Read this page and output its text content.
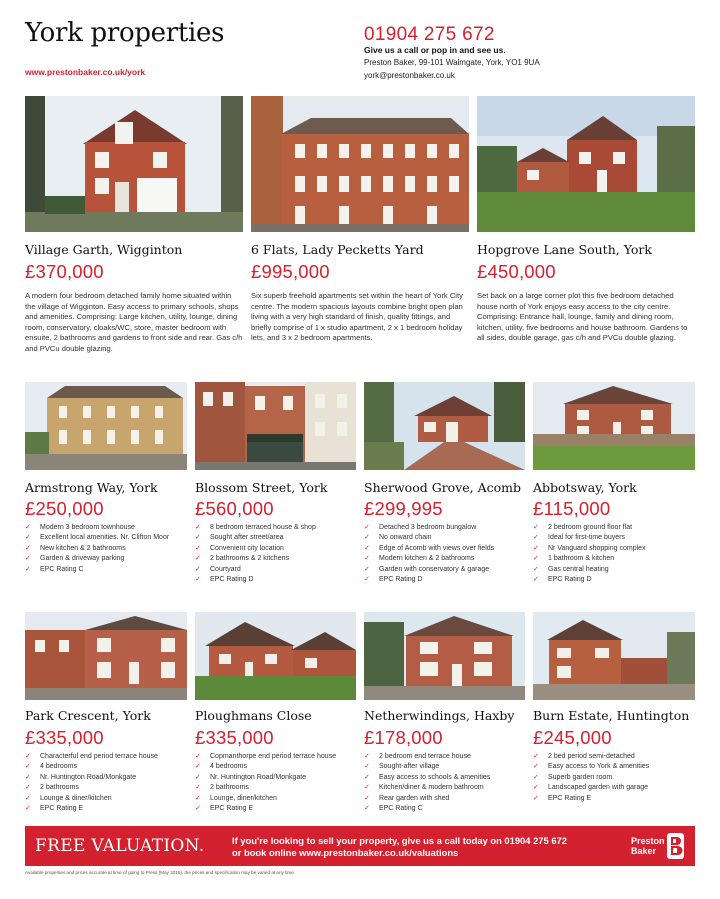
York properties
www.prestonbaker.co.uk/york
01904 275 672
Give us a call or pop in and see us.
Preston Baker, 99-101 Walmgate, York, YO1 9UA
york@prestonbaker.co.uk
Village Garth, Wigginton
£370,000
A modern four bedroom detached family home situated within the village of Wigginton. Easy access to primary schools, shops and amenities. Comprising: Large kitchen, utility, lounge, dining room, conservatory, cloaks/WC, store, master bedroom with ensuite, 2 bathrooms and gardens to front side and rear. Gas c/h and PVCu double glazing.
6 Flats, Lady Pecketts Yard
£995,000
Six superb freehold apartments set within the heart of York City centre. The modern spacious layouts combine bright open plan living with a very high standard of finish, quality fittings, and briefly comprise of 1 x studio apartment, 2 x 1 bedroom holiday lets, and 3 x 2 bedroom apartments.
Hopgrove Lane South, York
£450,000
Set back on a large corner plot this five bedroom detached house north of York enjoys easy access to the city centre. Comprising: Entrance hall, lounge, family and dining room, kitchen, utility, five bedrooms and house bathroom. Gardens to all sides, double garage, gas c/h and PVCu double glazing.
Armstrong Way, York
£250,000
✓ Modern 3 bedroom townhouse
✓ Excellent local amenities. Nr. Clifton Moor
✓ New kitchen & 2 bathrooms
✓ Garden & driveway parking
✓ EPC Rating C
Blossom Street, York
£560,000
✓ 8 bedroom terraced house & shop
✓ Sought after street/area
✓ Convenient city location
✓ 2 bathrooms & 2 kitchens
✓ Courtyard
✓ EPC Rating D
Sherwood Grove, Acomb
£299,995
✓ Detached 3 bedroom bungalow
✓ No onward chain
✓ Edge of Acomb with views over fields
✓ Modern kitchen & 2 bathrooms
✓ Garden with conservatory & garage
✓ EPC Rating D
Abbotsway, York
£115,000
✓ 2 bedroom ground floor flat
✓ Ideal for first-time buyers
✓ Nr Vanguard shopping complex
✓ 1 bathroom & kitchen
✓ Gas central heating
✓ EPC Rating D
Park Crescent, York
£335,000
✓ Characterful end period terrace house
✓ 4 bedrooms
✓ Nr. Huntington Road/Monkgate
✓ 2 bathrooms
✓ Lounge & diner/kitchen
✓ EPC Rating E
Ploughmans Close
£335,000
✓ Copmanthorpe end period terrace house
✓ 4 bedrooms
✓ Nr. Huntington Road/Monkgate
✓ 2 bathrooms
✓ Lounge, diner/kitchen
✓ EPC Rating E
Netherwindings, Haxby
£178,000
✓ 2 bedroom end terrace house
✓ Sought-after village
✓ Easy access to schools & amenities
✓ Kitchen/diner & modern bathroom
✓ Rear garden with shed
✓ EPC Rating C
Burn Estate, Huntington
£245,000
✓ 2 bed period semi-detached
✓ Easy access to York & amenities
✓ Superb garden room
✓ Landscaped garden with garage
✓ EPC Rating E
FREE VALUATION.	If you're looking to sell your property, give us a call today on 01904 275 672
or book online www.prestonbaker.co.uk/valuations
Preston
Baker
Available properties and prices accurate at time of going to Press (May 2016). the prices and specification may be varied at any time.
